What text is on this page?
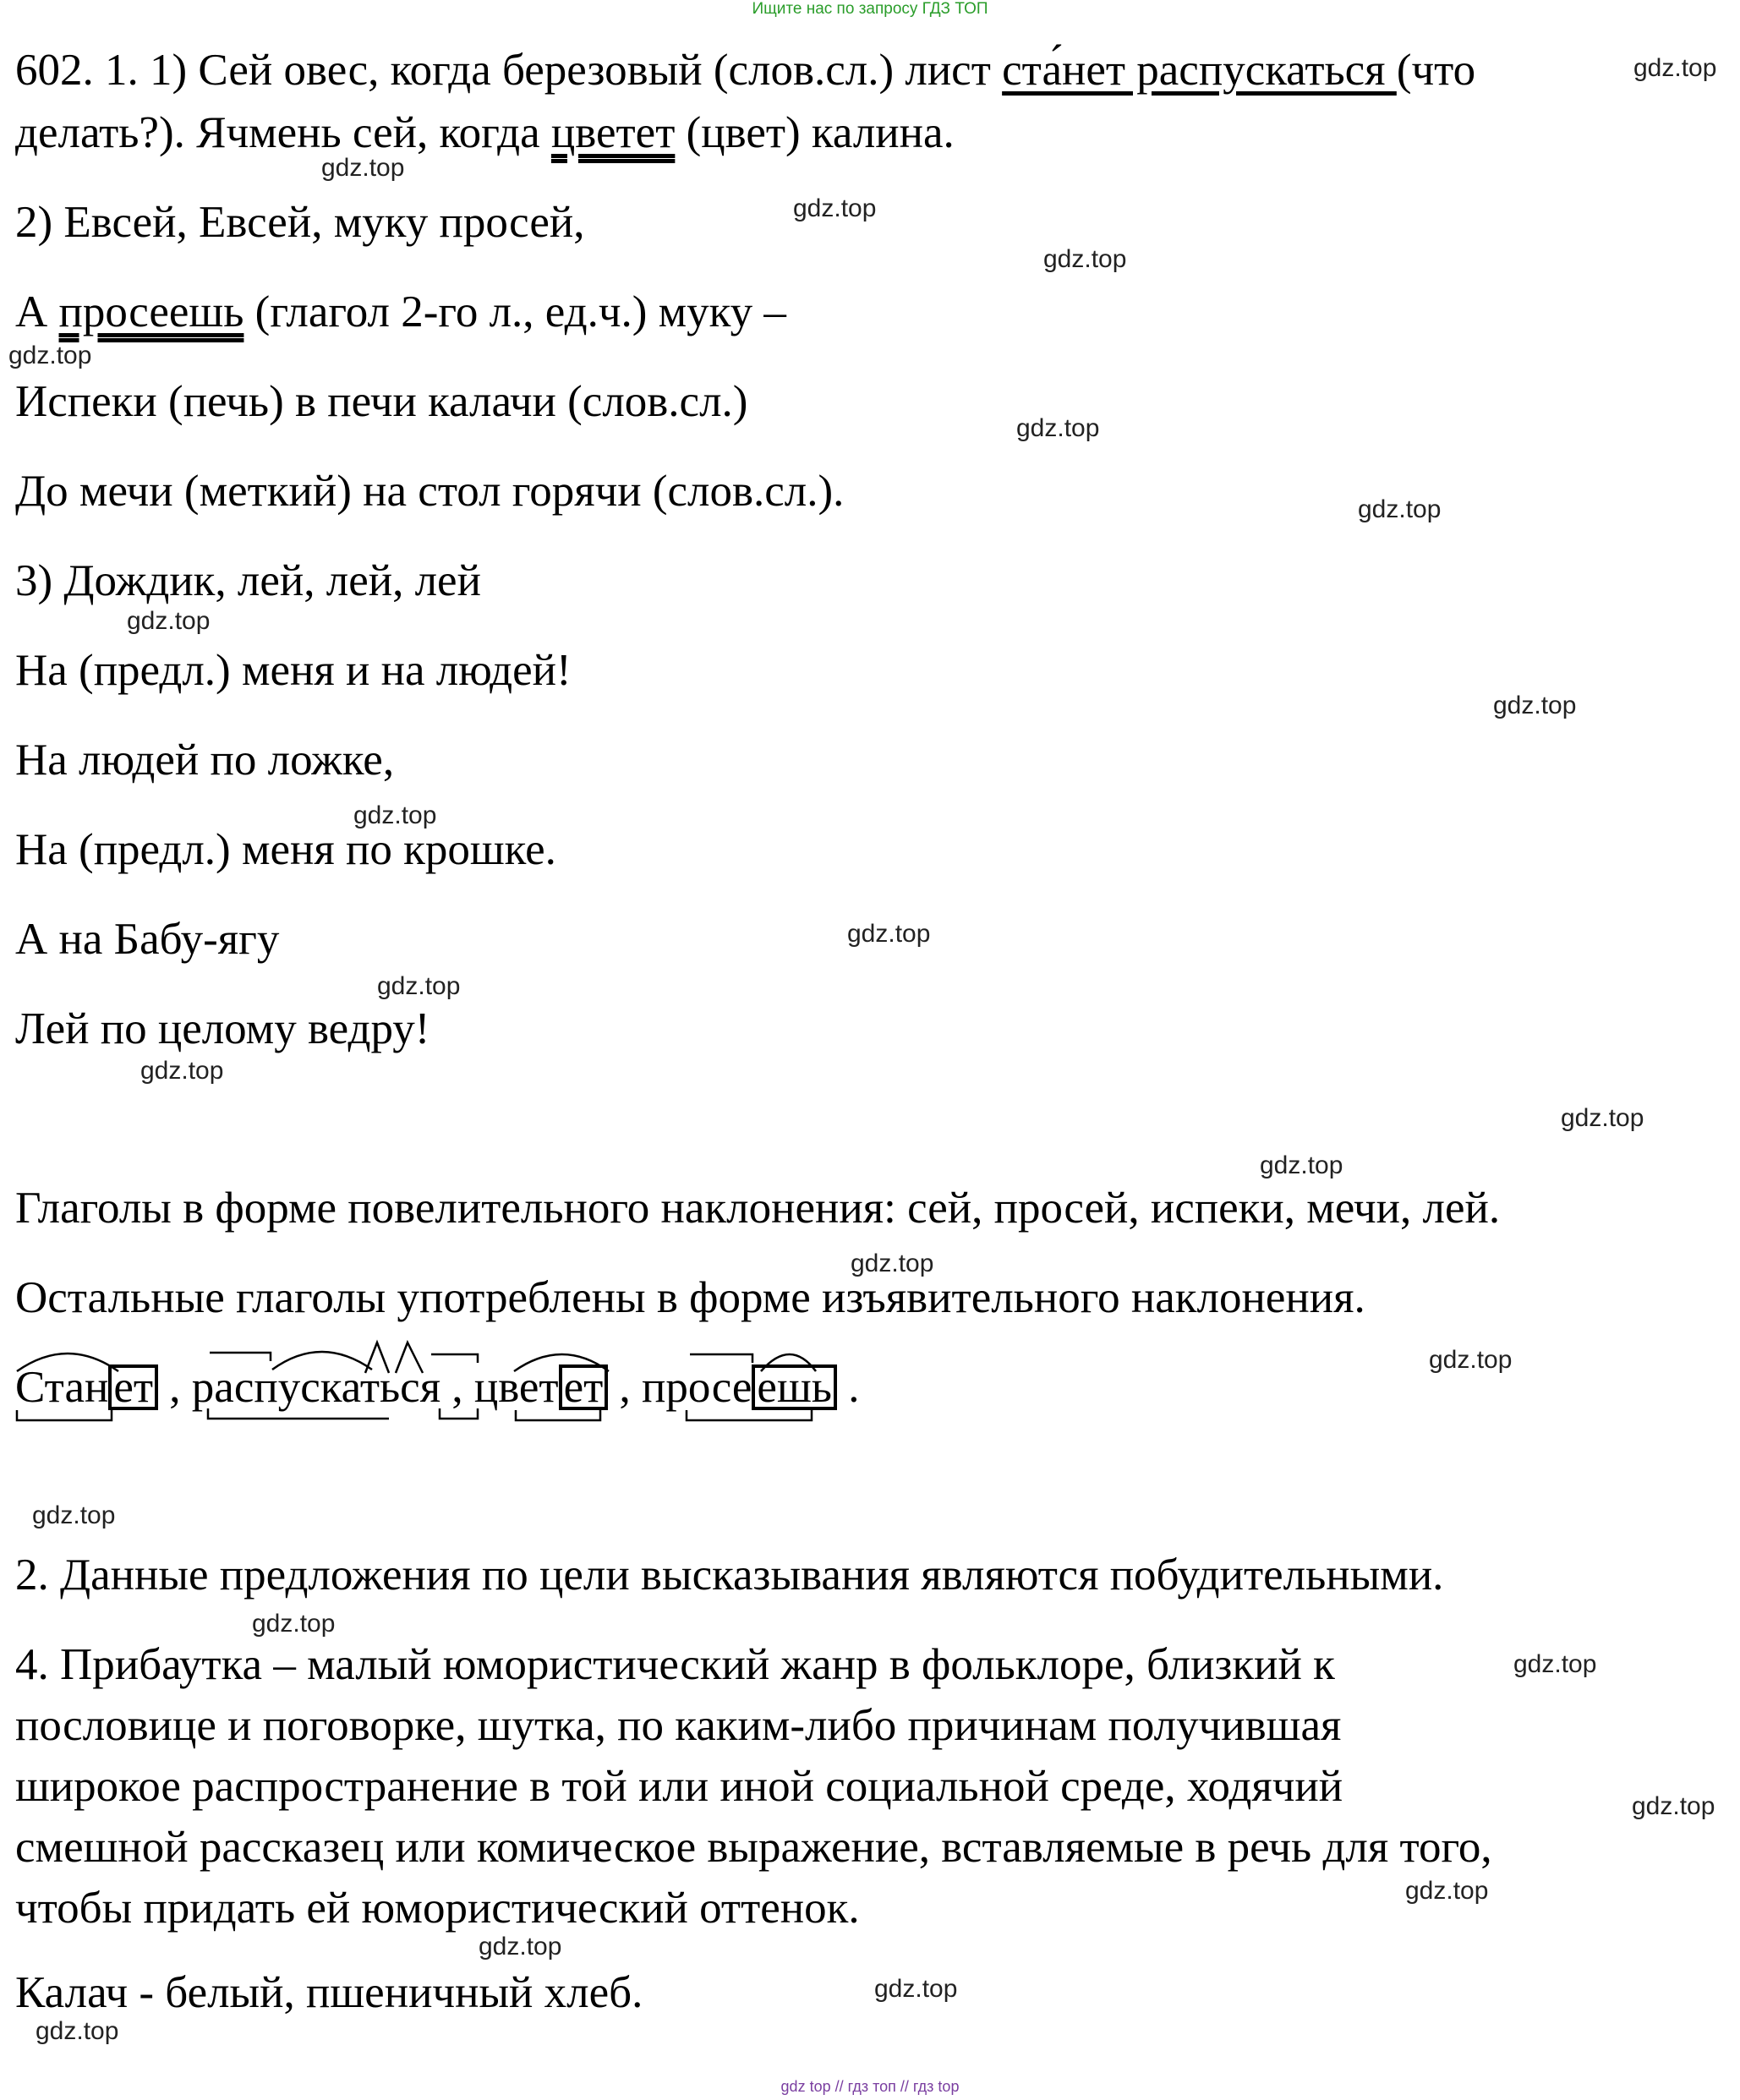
Ищите нас по запросу ГДЗ ТОП
602. 1. 1) Сей овес, когда березовый (слов.сл.) лист ста́нет распускаться (что
делать?). Ячмень сей, когда цветет (цвет) калина.
2) Евсей, Евсей, муку просей,
А просеешь (глагол 2-го л., ед.ч.) муку –
Испеки (печь) в печи калачи (слов.сл.)
До мечи (меткий) на стол горячи (слов.сл.).
3) Дождик, лей, лей, лей
На (предл.) меня и на людей!
На людей по ложке,
На (предл.) меня по крошке.
А на Бабу-ягу
Лей по целому ведру!
Глаголы в форме повелительного наклонения: сей, просей, испеки, мечи, лей.
Остальные глаголы употреблены в форме изъявительного наклонения.
Стан ет , распускаться , цвет ет , просе ешь .
2. Данные предложения по цели высказывания являются побудительными.
4. Прибаутка – малый юмористический жанр в фольклоре, близкий к
пословице и поговорке, шутка, по каким-либо причинам получившая
широкое распространение в той или иной социальной среде, ходячий
смешной рассказец или комическое выражение, вставляемые в речь для того,
чтобы придать ей юмористический оттенок.
Калач - белый, пшеничный хлеб.
gdz.top
gdz.top
gdz.top
gdz.top
gdz.top
gdz.top
gdz.top
gdz.top
gdz.top
gdz.top
gdz.top
gdz.top
gdz.top
gdz.top
gdz.top
gdz.top
gdz.top
gdz.top
gdz.top
gdz.top
gdz.top
gdz.top
gdz.top
gdz.top
gdz.top
gdz top // гдз топ // гдз top
